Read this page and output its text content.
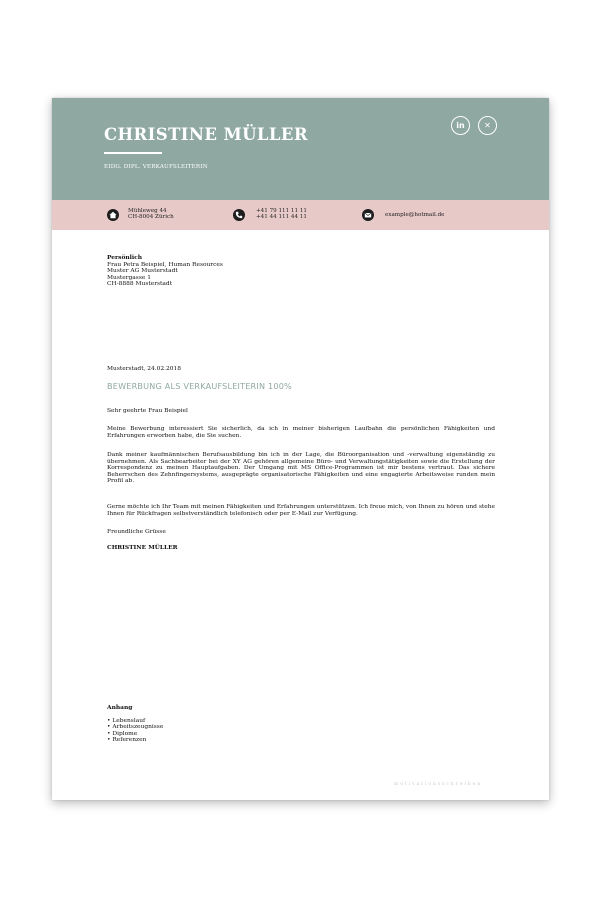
CHRISTINE MÜLLER
EIDG. DIPL. VERKAUFSLEITERIN
in	✕
Mühleweg 44
CH-8004 Zürich
+41 79 111 11 11
+41 44 111 44 11	example@hotmail.de
Persönlich
Frau Petra Beispiel, Human Resources
Muster AG Musterstadt
Mustergasse 1
CH-8888 Musterstadt
Musterstadt, 24.02.2018
BEWERBUNG ALS VERKAUFSLEITERIN 100%
Sehr geehrte Frau Beispiel

Meine Bewerbung interessiert Sie sicherlich, da ich in meiner bisherigen Laufbahn die persönlichen Fähigkeiten und Erfahrungen erworben habe, die Sie suchen.

Dank meiner kaufmännischen Berufsausbildung bin ich in der Lage, die Büroorganisation und -verwaltung eigenständig zu übernehmen. Als Sachbearbeiter bei der XY AG gehören allgemeine Büro- und Verwaltungstätigkeiten sowie die Erstellung der Korrespondenz zu meinen Hauptaufgaben. Der Umgang mit MS Office-Programmen ist mir bestens vertraut. Das sichere Beherrschen des Zehnfingersystems, ausgeprägte organisatorische Fähigkeiten und eine engagierte Arbeitsweise runden mein Profil ab.

Gerne möchte ich Ihr Team mit meinen Fähigkeiten und Erfahrungen unterstützen. Ich freue mich, von Ihnen zu hören und stehe Ihnen für Rückfragen selbstverständlich telefonisch oder per E-Mail zur Verfügung.

Freundliche Grüsse
CHRISTINE MÜLLER
Anhang
• Lebenslauf
• Arbeitszeugnisse
• Diplome
• Referenzen
motivationsschreiben
